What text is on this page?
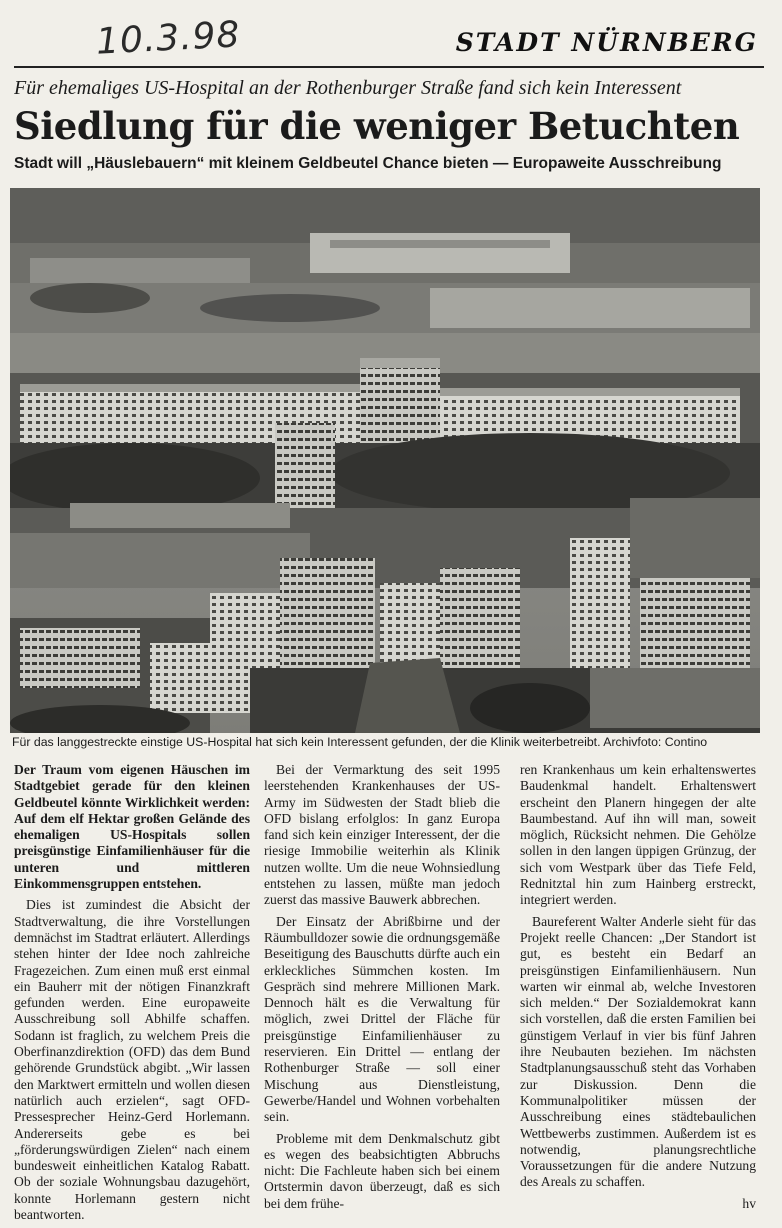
10.3.98	STADT NÜRNBERG
Für ehemaliges US-Hospital an der Rothenburger Straße fand sich kein Interessent
Siedlung für die weniger Betuchten
Stadt will „Häuslebauern“ mit kleinem Geldbeutel Chance bieten — Europaweite Ausschreibung
Für das langgestreckte einstige US-Hospital hat sich kein Interessent gefunden, der die Klinik weiterbetreibt. Archivfoto: Contino

Der Traum vom eigenen Häuschen im Stadtgebiet gerade für den kleinen Geldbeutel könnte Wirklichkeit werden: Auf dem elf Hektar großen Gelände des ehemaligen US-Hospitals sollen preisgünstige Einfamilienhäuser für die unteren und mittleren Einkommensgruppen entstehen.

Dies ist zumindest die Absicht der Stadtverwaltung, die ihre Vorstellungen demnächst im Stadtrat erläutert. Allerdings stehen hinter der Idee noch zahlreiche Fragezeichen. Zum einen muß erst einmal ein Bauherr mit der nötigen Finanzkraft gefunden werden. Eine europaweite Ausschreibung soll Abhilfe schaffen. Sodann ist fraglich, zu welchem Preis die Oberfinanzdirektion (OFD) das dem Bund gehörende Grundstück abgibt. „Wir lassen den Marktwert ermitteln und wollen diesen natürlich auch erzielen“, sagt OFD-Pressesprecher Heinz-Gerd Horlemann. Andererseits gebe es bei „förderungswürdigen Zielen“ nach einem bundesweit einheitlichen Katalog Rabatt. Ob der soziale Wohnungsbau dazugehört, konnte Horlemann gestern nicht beantworten.

Bei der Vermarktung des seit 1995 leerstehenden Krankenhauses der US-Army im Südwesten der Stadt blieb die OFD bislang erfolglos: In ganz Europa fand sich kein einziger Interessent, der die riesige Immobilie weiterhin als Klinik nutzen wollte. Um die neue Wohnsiedlung entstehen zu lassen, müßte man jedoch zuerst das massive Bauwerk abbrechen.

Der Einsatz der Abrißbirne und der Räumbulldozer sowie die ordnungsgemäße Beseitigung des Bauschutts dürfte auch ein erkleckliches Sümmchen kosten. Im Gespräch sind mehrere Millionen Mark. Dennoch hält es die Verwaltung für möglich, zwei Drittel der Fläche für preisgünstige Einfamilienhäuser zu reservieren. Ein Drittel — entlang der Rothenburger Straße — soll einer Mischung aus Dienstleistung, Gewerbe/Handel und Wohnen vorbehalten sein.

Probleme mit dem Denkmalschutz gibt es wegen des beabsichtigten Abbruchs nicht: Die Fachleute haben sich bei einem Ortstermin davon überzeugt, daß es sich bei dem frühe-

ren Krankenhaus um kein erhaltenswertes Baudenkmal handelt. Erhaltenswert erscheint den Planern hingegen der alte Baumbestand. Auf ihn will man, soweit möglich, Rücksicht nehmen. Die Gehölze sollen in den langen üppigen Grünzug, der sich vom Westpark über das Tiefe Feld, Rednitztal hin zum Hainberg erstreckt, integriert werden.

Baureferent Walter Anderle sieht für das Projekt reelle Chancen: „Der Standort ist gut, es besteht ein Bedarf an preisgünstigen Einfamilienhäusern. Nun warten wir einmal ab, welche Investoren sich melden.“ Der Sozialdemokrat kann sich vorstellen, daß die ersten Familien bei günstigem Verlauf in vier bis fünf Jahren ihre Neubauten beziehen. Im nächsten Stadtplanungsausschuß steht das Vorhaben zur Diskussion. Denn die Kommunalpolitiker müssen der Ausschreibung eines städtebaulichen Wettbewerbs zustimmen. Außerdem ist es notwendig, planungsrechtliche Voraussetzungen für die andere Nutzung des Areals zu schaffen.

hv
